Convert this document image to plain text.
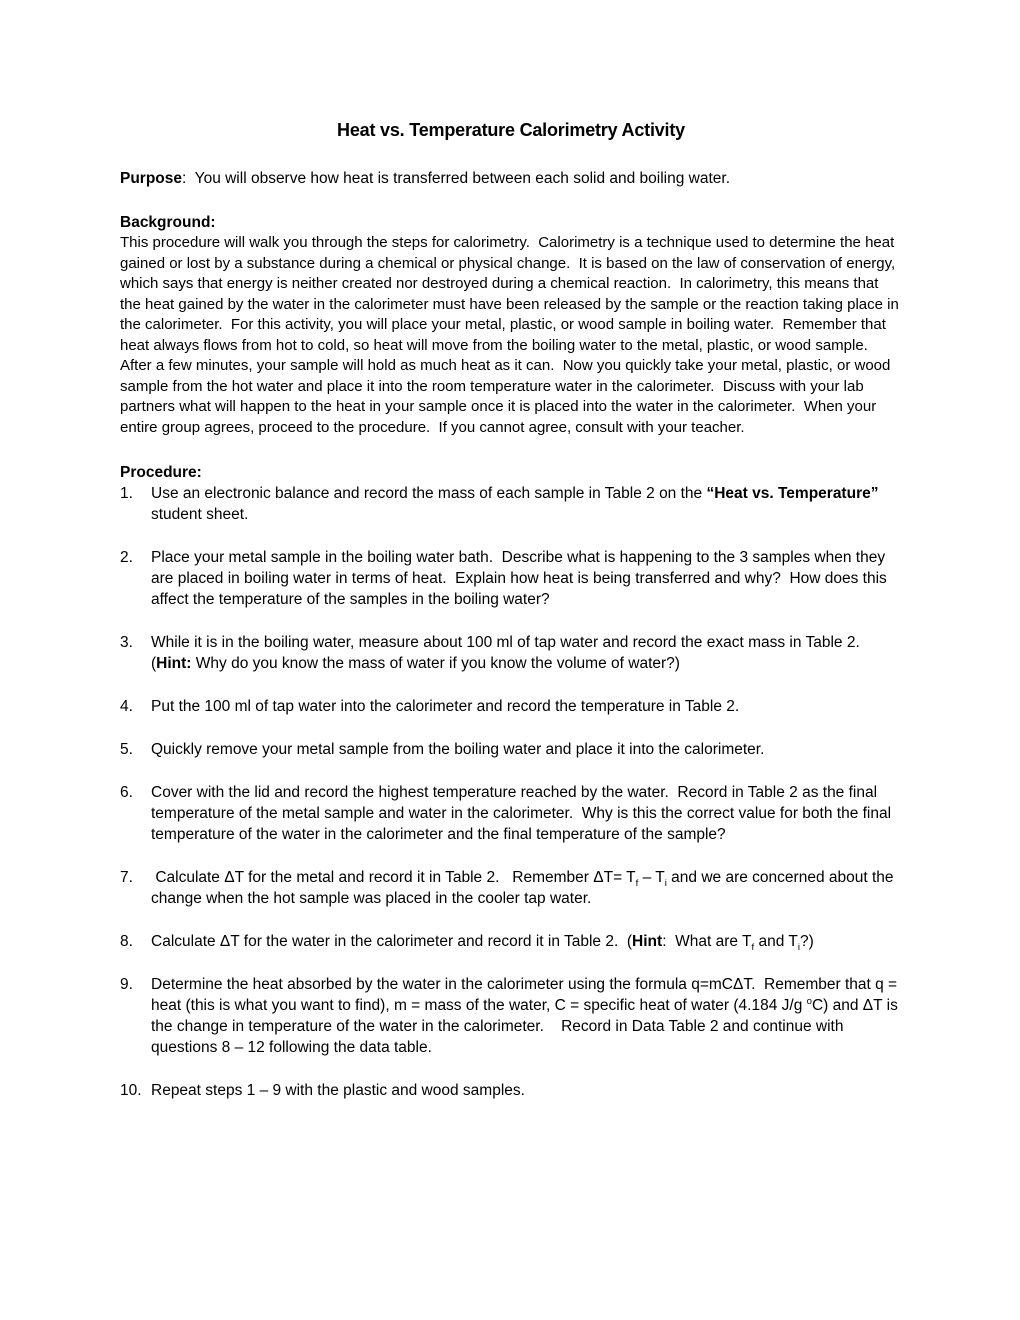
Heat vs. Temperature Calorimetry Activity

Purpose:  You will observe how heat is transferred between each solid and boiling water.

Background:

This procedure will walk you through the steps for calorimetry.  Calorimetry is a technique used to determine the heat gained or lost by a substance during a chemical or physical change.  It is based on the law of conservation of energy, which says that energy is neither created nor destroyed during a chemical reaction.  In calorimetry, this means that the heat gained by the water in the calorimeter must have been released by the sample or the reaction taking place in the calorimeter.  For this activity, you will place your metal, plastic, or wood sample in boiling water.  Remember that heat always flows from hot to cold, so heat will move from the boiling water to the metal, plastic, or wood sample.  After a few minutes, your sample will hold as much heat as it can.  Now you quickly take your metal, plastic, or wood sample from the hot water and place it into the room temperature water in the calorimeter.  Discuss with your lab partners what will happen to the heat in your sample once it is placed into the water in the calorimeter.  When your entire group agrees, proceed to the procedure.  If you cannot agree, consult with your teacher.

Procedure:

1.	Use an electronic balance and record the mass of each sample in Table 2 on the “Heat vs. Temperature” student sheet.
2.	Place your metal sample in the boiling water bath.  Describe what is happening to the 3 samples when they are placed in boiling water in terms of heat.  Explain how heat is being transferred and why?  How does this affect the temperature of the samples in the boiling water?
3.	While it is in the boiling water, measure about 100 ml of tap water and record the exact mass in Table 2.  (Hint: Why do you know the mass of water if you know the volume of water?)
4.	Put the 100 ml of tap water into the calorimeter and record the temperature in Table 2.
5.	Quickly remove your metal sample from the boiling water and place it into the calorimeter.
6.	Cover with the lid and record the highest temperature reached by the water.  Record in Table 2 as the final temperature of the metal sample and water in the calorimeter.  Why is this the correct value for both the final temperature of the water in the calorimeter and the final temperature of the sample?
7.	Calculate ΔT for the metal and record it in Table 2.   Remember $\Delta T= T_f - T_i$ and we are concerned about the change when the hot sample was placed in the cooler tap water.
8.	Calculate ΔT for the water in the calorimeter and record it in Table 2.  (Hint:  What are $T_f$ and $T_i$?)
9.	Determine the heat absorbed by the water in the calorimeter using the formula q=mCΔT.  Remember that q = heat (this is what you want to find), m = mass of the water, C = specific heat of water (4.184 J/g $^o$C) and ΔT is the change in temperature of the water in the calorimeter.    Record in Data Table 2 and continue with questions 8 – 12 following the data table.
10. Repeat steps 1 – 9 with the plastic and wood samples.
